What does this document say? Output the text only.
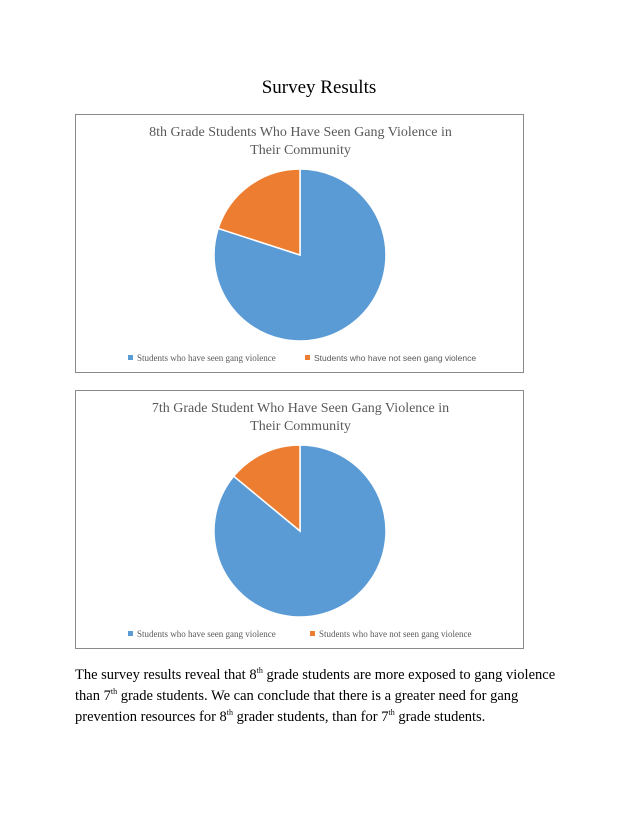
Survey Results
8th Grade Students Who Have Seen Gang Violence in
Their Community
Students who have seen gang violence	Students who have not seen gang violence
7th Grade Student Who Have Seen Gang Violence in
Their Community
Students who have seen gang violence	Students who have not seen gang violence

The survey results reveal that 8th grade students are more exposed to gang violence
than 7th grade students. We can conclude that there is a greater need for gang
prevention resources for 8th grader students, than for 7th grade students.
